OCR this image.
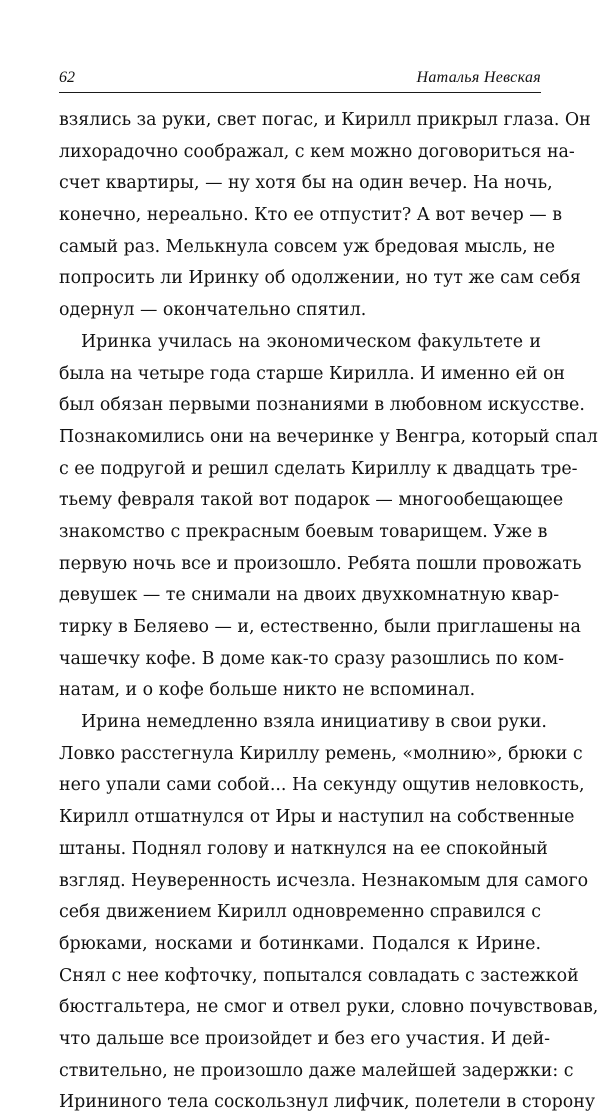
62	Наталья Невская
взялись за руки, свет погас, и Кирилл прикрыл глаза. Он
лихорадочно соображал, с кем можно договориться на-
счет квартиры, — ну хотя бы на один вечер. На ночь,
конечно, нереально. Кто ее отпустит? А вот вечер — в
самый раз. Мелькнула совсем уж бредовая мысль, не
попросить ли Иринку об одолжении, но тут же сам себя
одернул — окончательно спятил.
Иринка училась на экономическом факультете и
была на четыре года старше Кирилла. И именно ей он
был обязан первыми познаниями в любовном искусстве.
Познакомились они на вечеринке у Венгра, который спал
с ее подругой и решил сделать Кириллу к двадцать тре-
тьему февраля такой вот подарок — многообещающее
знакомство с прекрасным боевым товарищем. Уже в
первую ночь все и произошло. Ребята пошли провожать
девушек — те снимали на двоих двухкомнатную квар-
тирку в Беляево — и, естественно, были приглашены на
чашечку кофе. В доме как-то сразу разошлись по ком-
натам, и о кофе больше никто не вспоминал.
Ирина немедленно взяла инициативу в свои руки.
Ловко расстегнула Кириллу ремень, «молнию», брюки с
него упали сами собой... На секунду ощутив неловкость,
Кирилл отшатнулся от Иры и наступил на собственные
штаны. Поднял голову и наткнулся на ее спокойный
взгляд. Неуверенность исчезла. Незнакомым для самого
себя движением Кирилл одновременно справился с
брюками, носками и ботинками. Подался к Ирине.
Снял с нее кофточку, попытался совладать с застежкой
бюстгальтера, не смог и отвел руки, словно почувствовав,
что дальше все произойдет и без его участия. И дей-
ствительно, не произошло даже малейшей задержки: с
Ирининого тела соскользнул лифчик, полетели в сторону
